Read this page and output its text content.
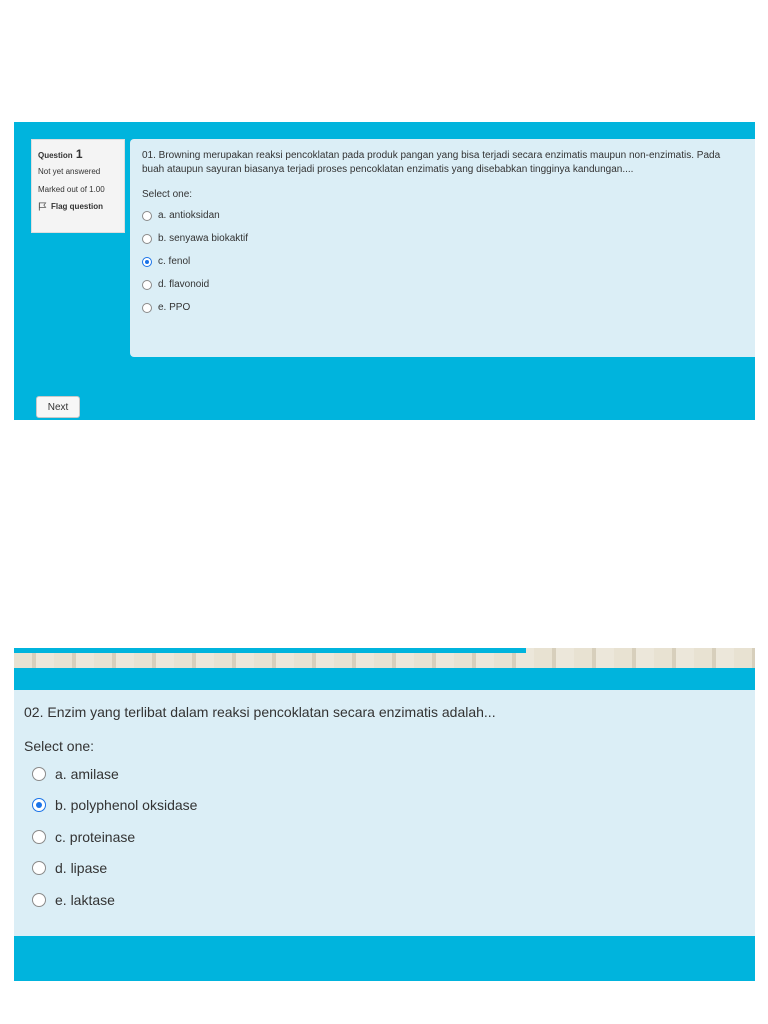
Question 1
Not yet answered
Marked out of 1.00
Flag question
01. Browning merupakan reaksi pencoklatan pada produk pangan yang bisa terjadi secara enzimatis maupun non-enzimatis. Pada buah ataupun sayuran biasanya terjadi proses pencoklatan enzimatis yang disebabkan tingginya kandungan....
Select one:
a. antioksidan
b. senyawa biokaktif
c. fenol
d. flavonoid
e. PPO
Next
02. Enzim yang terlibat dalam reaksi pencoklatan secara enzimatis adalah...
Select one:
a. amilase
b. polyphenol oksidase
c. proteinase
d. lipase
e. laktase
